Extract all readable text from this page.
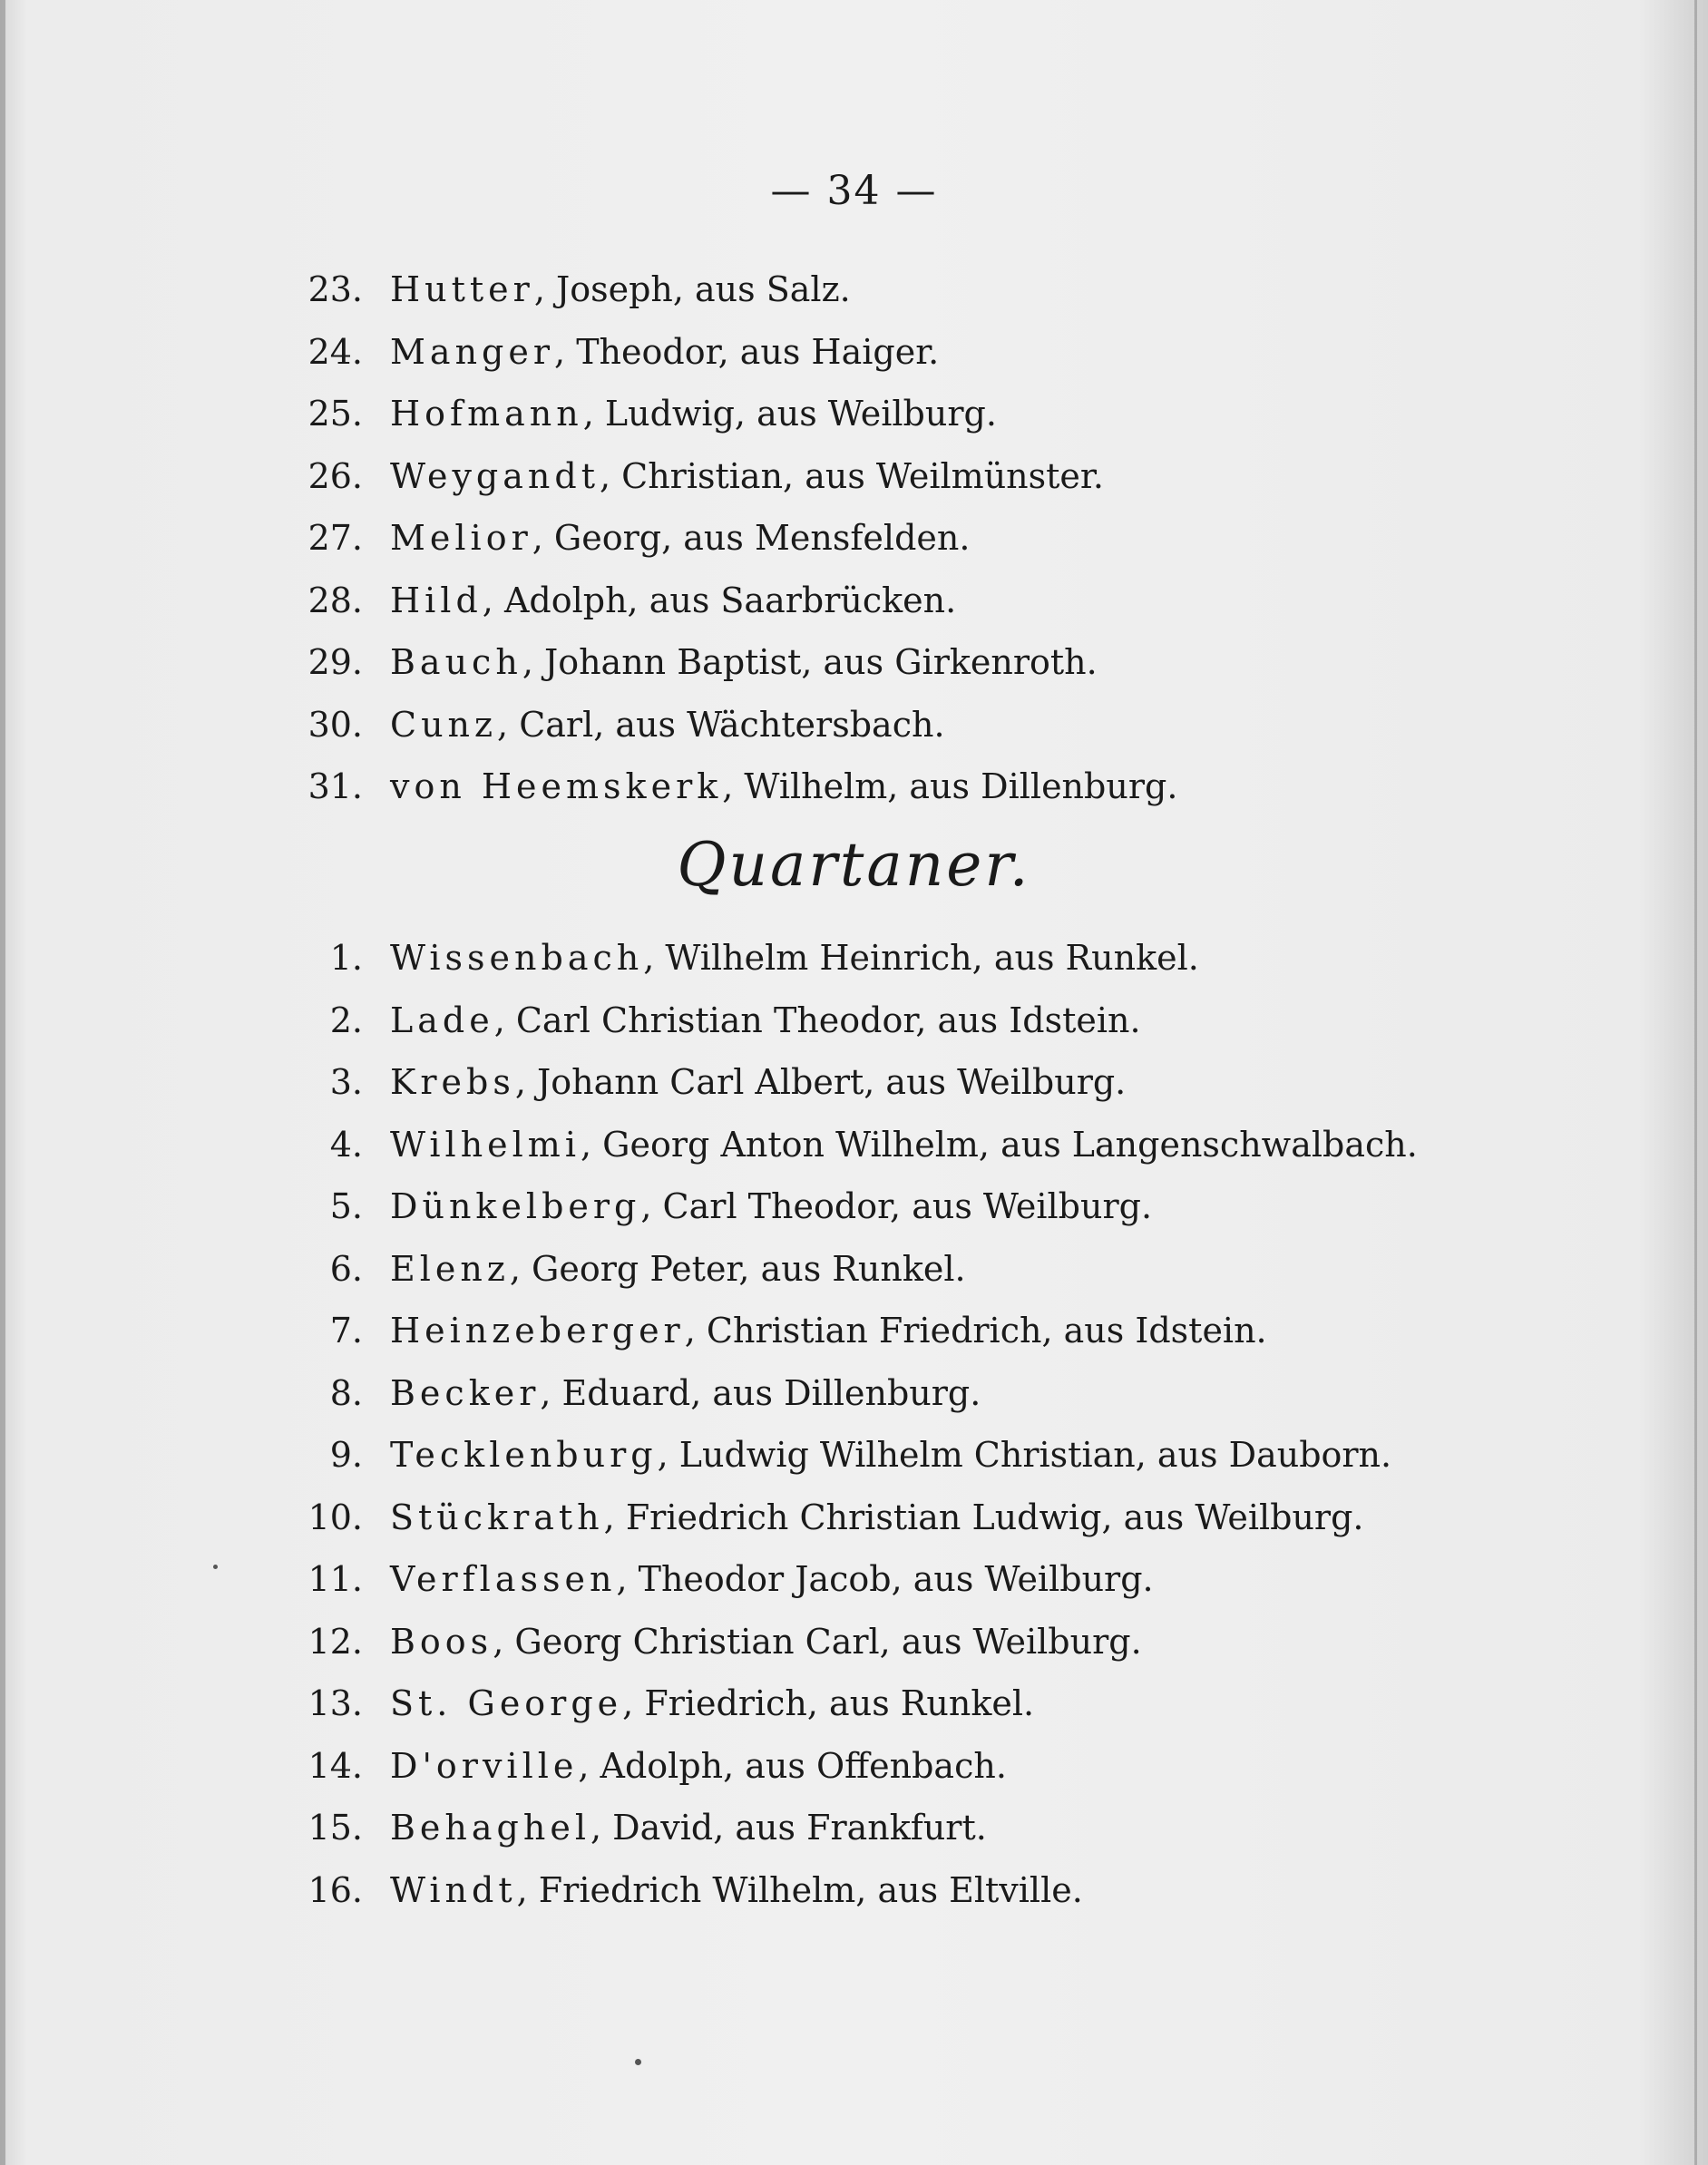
— 34 —
23. Hutter, Joseph, aus Salz.
24. Manger, Theodor, aus Haiger.
25. Hofmann, Ludwig, aus Weilburg.
26. Weygandt, Christian, aus Weilmünster.
27. Melior, Georg, aus Mensfelden.
28. Hild, Adolph, aus Saarbrücken.
29. Bauch, Johann Baptist, aus Girkenroth.
30. Cunz, Carl, aus Wächtersbach.
31. von Heemskerk, Wilhelm, aus Dillenburg.
Quartaner.
1. Wissenbach, Wilhelm Heinrich, aus Runkel.
2. Lade, Carl Christian Theodor, aus Idstein.
3. Krebs, Johann Carl Albert, aus Weilburg.
4. Wilhelmi, Georg Anton Wilhelm, aus Langenschwalbach.
5. Dünkelberg, Carl Theodor, aus Weilburg.
6. Elenz, Georg Peter, aus Runkel.
7. Heinzeberger, Christian Friedrich, aus Idstein.
8. Becker, Eduard, aus Dillenburg.
9. Tecklenburg, Ludwig Wilhelm Christian, aus Dauborn.
10. Stückrath, Friedrich Christian Ludwig, aus Weilburg.
11. Verflassen, Theodor Jacob, aus Weilburg.
12. Boos, Georg Christian Carl, aus Weilburg.
13. St. George, Friedrich, aus Runkel.
14. D'orville, Adolph, aus Offenbach.
15. Behaghel, David, aus Frankfurt.
16. Windt, Friedrich Wilhelm, aus Eltville.
